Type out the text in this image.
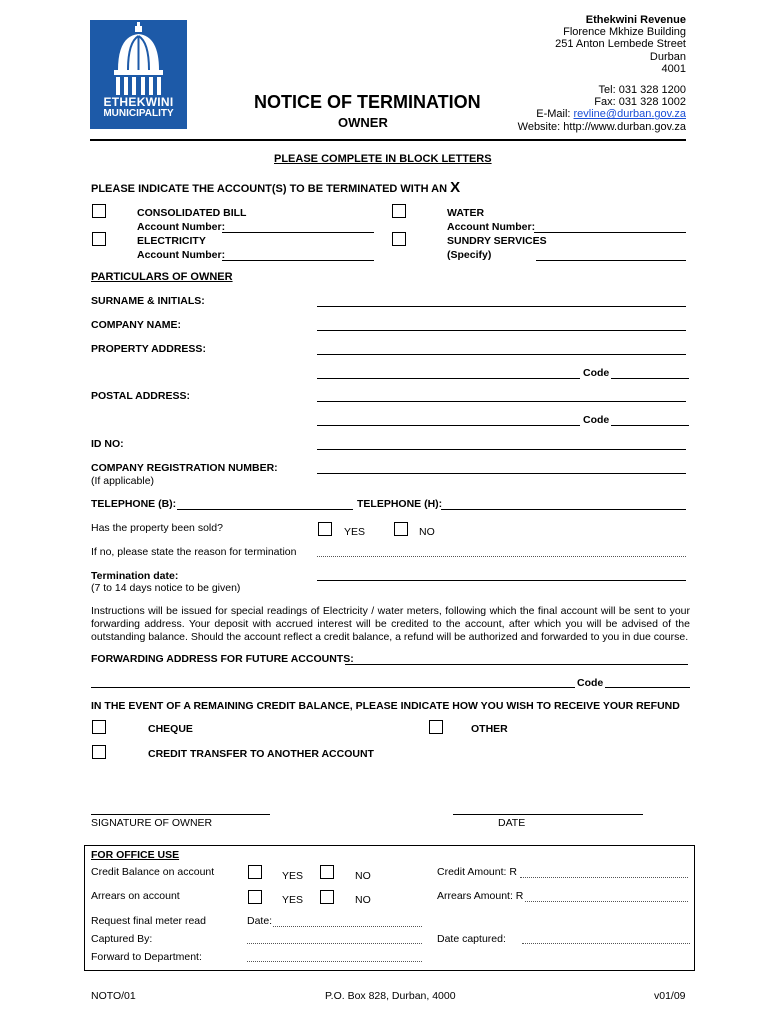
ETHEKWINI
MUNICIPALITY
Ethekwini Revenue
Florence Mkhize Building
251 Anton Lembede Street
Durban
4001
Tel: 031 328 1200
Fax: 031 328 1002
E-Mail: revline@durban.gov.za
Website: http://www.durban.gov.za
NOTICE OF TERMINATION
OWNER
PLEASE COMPLETE IN BLOCK LETTERS
PLEASE INDICATE THE ACCOUNT(S) TO BE TERMINATED WITH AN X
CONSOLIDATED BILL
Account Number:
ELECTRICITY
Account Number:
WATER
Account Number:
SUNDRY SERVICES
(Specify)
PARTICULARS OF OWNER
SURNAME & INITIALS:
COMPANY NAME:
PROPERTY ADDRESS:
Code
POSTAL ADDRESS:
Code
ID NO:
COMPANY REGISTRATION NUMBER:
(If applicable)
TELEPHONE (B):	TELEPHONE (H):
Has the property been sold?	YES	NO
If no, please state the reason for termination
Termination date:
(7 to 14 days notice to be given)
Instructions will be issued for special readings of Electricity / water meters, following which the final account will be sent to your forwarding address. Your deposit with accrued interest will be credited to the account, after which you will be advised of the outstanding balance. Should the account reflect a credit balance, a refund will be authorized and forwarded to you in due course.
FORWARDING ADDRESS FOR FUTURE ACCOUNTS:
Code
IN THE EVENT OF A REMAINING CREDIT BALANCE, PLEASE INDICATE HOW YOU WISH TO RECEIVE YOUR REFUND
CHEQUE	OTHER
CREDIT TRANSFER TO ANOTHER ACCOUNT
SIGNATURE OF OWNER	DATE
FOR OFFICE USE
Credit Balance on account	YES	NO	Credit Amount: R
Arrears on account	YES	NO	Arrears Amount: R
Request final meter read	Date:
Captured By:	Date captured:
Forward to Department:
NOTO/01	P.O. Box 828, Durban, 4000	v01/09
